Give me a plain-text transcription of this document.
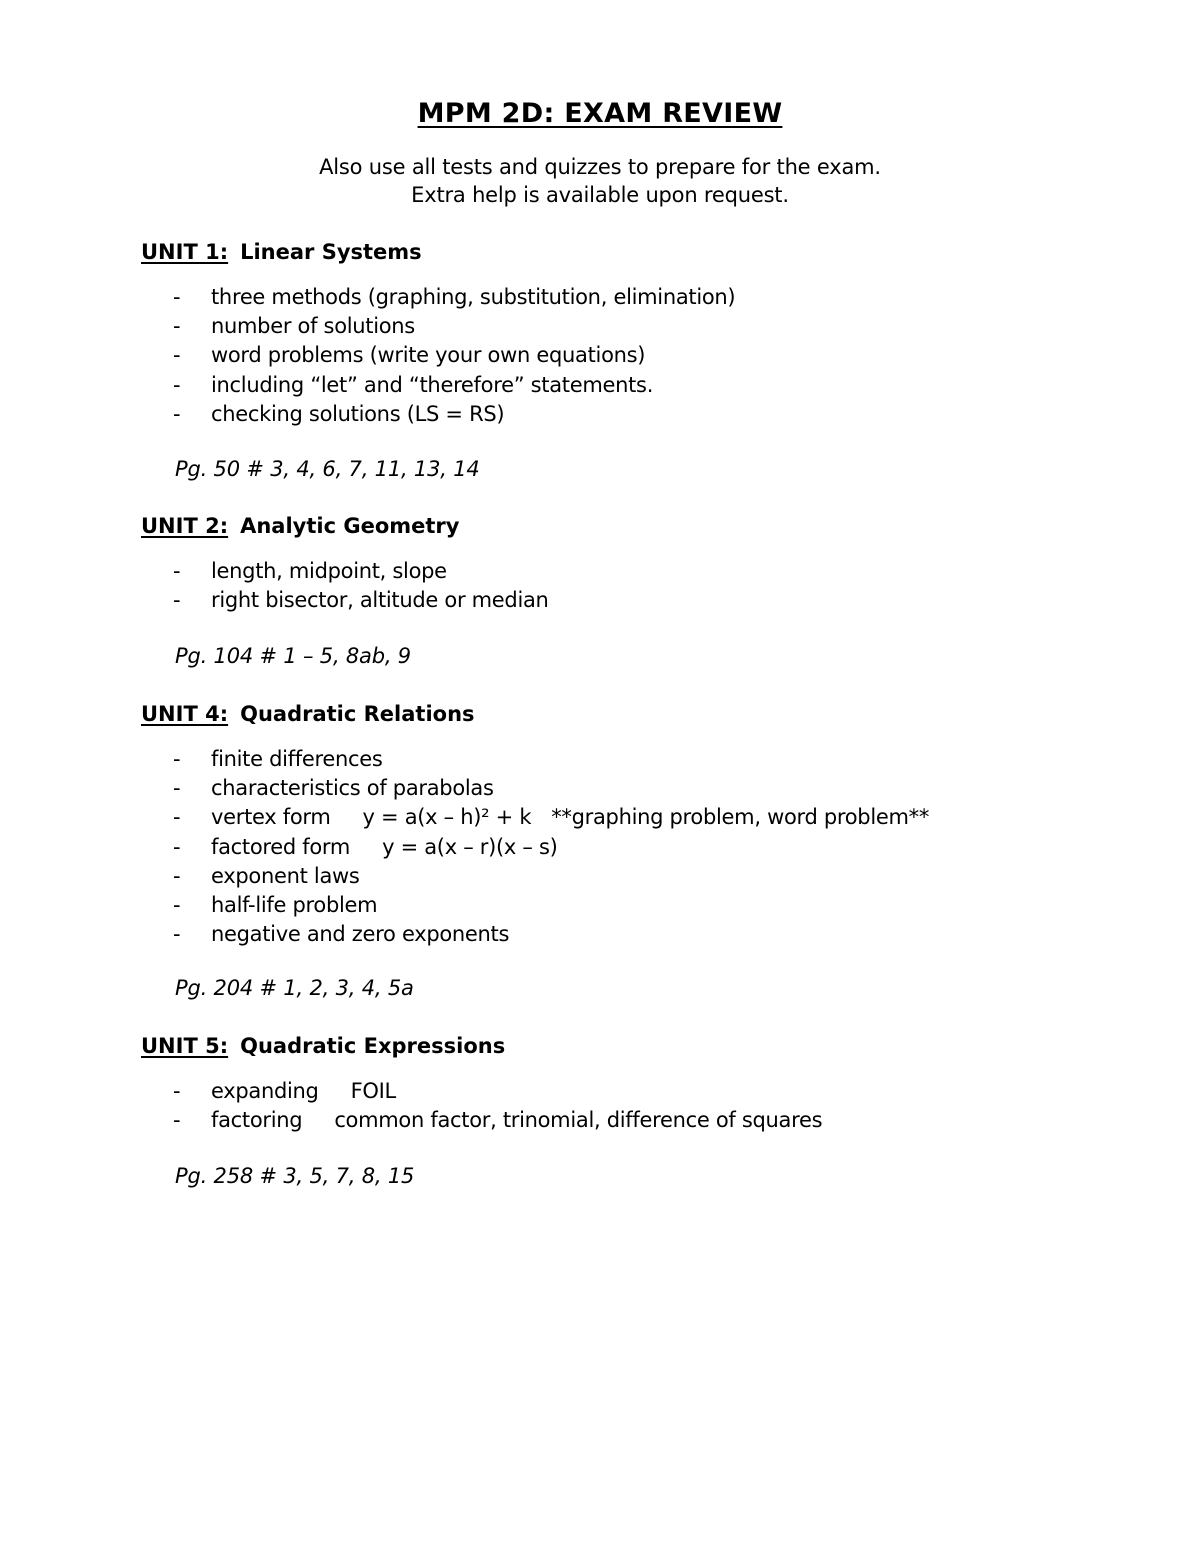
MPM 2D: EXAM REVIEW
Also use all tests and quizzes to prepare for the exam.
Extra help is available upon request.
UNIT 1: Linear Systems
- three methods (graphing, substitution, elimination)
- number of solutions
- word problems (write your own equations)
- including “let” and “therefore” statements.
- checking solutions (LS = RS)
Pg. 50 # 3, 4, 6, 7, 11, 13, 14
UNIT 2: Analytic Geometry
- length, midpoint, slope
- right bisector, altitude or median
Pg. 104 # 1 – 5, 8ab, 9
UNIT 4: Quadratic Relations
- finite differences
- characteristics of parabolas
- vertex form y = a(x – h)² + k **graphing problem, word problem**
- factored form y = a(x – r)(x – s)
- exponent laws
- half-life problem
- negative and zero exponents
Pg. 204 # 1, 2, 3, 4, 5a
UNIT 5: Quadratic Expressions
- expanding FOIL
- factoring common factor, trinomial, difference of squares
Pg. 258 # 3, 5, 7, 8, 15
